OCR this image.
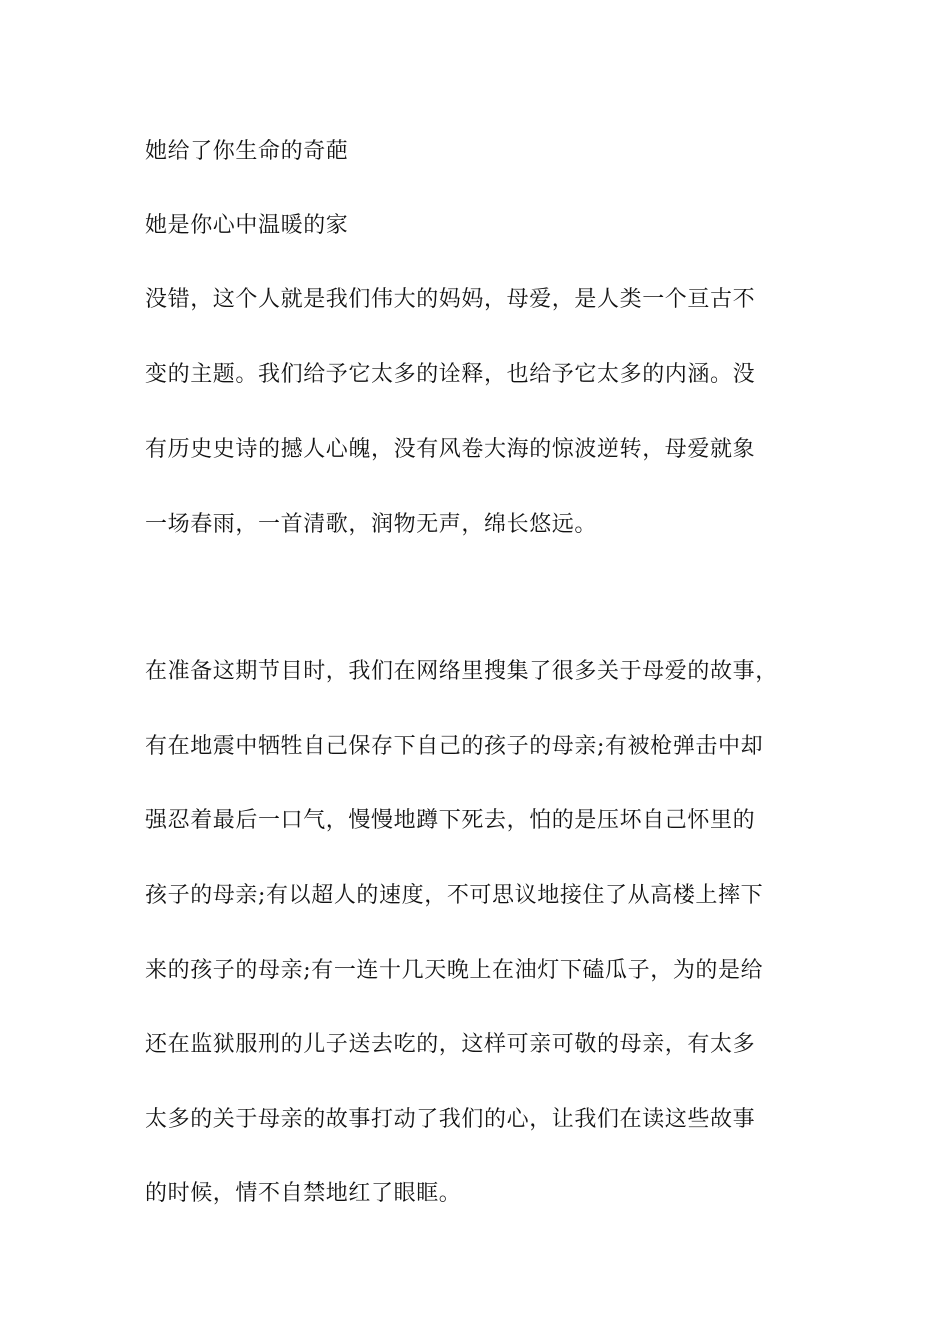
她给了你生命的奇葩
她是你心中温暖的家
没错，这个人就是我们伟大的妈妈，母爱，是人类一个亘古不
变的主题。我们给予它太多的诠释，也给予它太多的内涵。没
有历史史诗的撼人心魄，没有风卷大海的惊波逆转，母爱就象
一场春雨，一首清歌，润物无声，绵长悠远。
在准备这期节目时，我们在网络里搜集了很多关于母爱的故事，
有在地震中牺牲自己保存下自己的孩子的母亲;有被枪弹击中却
强忍着最后一口气，慢慢地蹲下死去，怕的是压坏自己怀里的
孩子的母亲;有以超人的速度，不可思议地接住了从高楼上摔下
来的孩子的母亲;有一连十几天晚上在油灯下磕瓜子，为的是给
还在监狱服刑的儿子送去吃的，这样可亲可敬的母亲，有太多
太多的关于母亲的故事打动了我们的心，让我们在读这些故事
的时候，情不自禁地红了眼眶。
